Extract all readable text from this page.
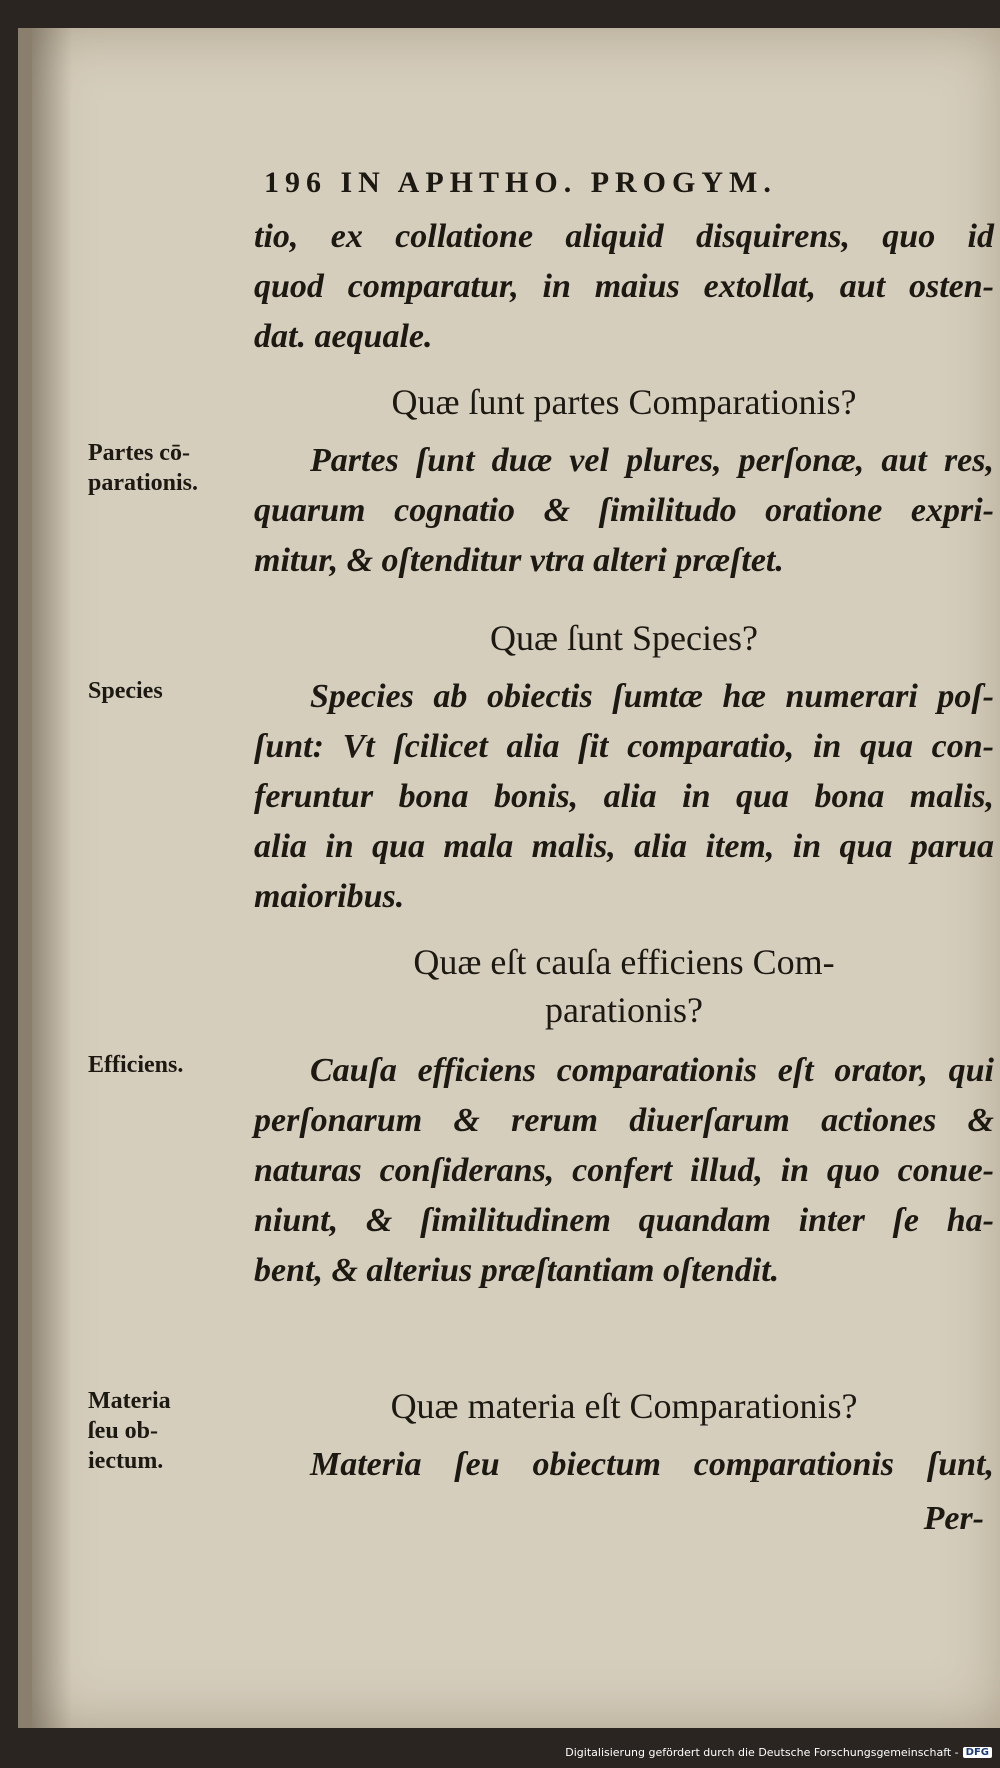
196 IN APHTHO. PROGYM.
tio, ex collatione aliquid disquirens, quo id
quod comparatur, in maius extollat, aut osten-
dat. aequale.
Quæ ſunt partes Comparationis?
Partes cō-
parationis.
Partes ſunt duæ vel plures, perſonæ, aut res,
quarum cognatio & ſimilitudo oratione expri-
mitur, & oſtenditur vtra alteri præſtet.
Quæ ſunt Species?
Species	Species ab obiectis ſumtæ hæ numerari poſ-
ſunt: Vt ſcilicet alia ſit comparatio, in qua con-
feruntur bona bonis, alia in qua bona malis,
alia in qua mala malis, alia item, in qua parua
maioribus.
Quæ eſt cauſa efficiens Com-
parationis?
Efficiens.	Cauſa efficiens comparationis eſt orator, qui
perſonarum & rerum diuerſarum actiones &
naturas conſiderans, confert illud, in quo conue-
niunt, & ſimilitudinem quandam inter ſe ha-
bent, & alterius præſtantiam oſtendit.
Quæ materia eſt Comparationis?
Materia
ſeu ob-
iectum.	Materia ſeu obiectum comparationis ſunt,
Per-
Digitalisierung gefördert durch die Deutsche Forschungsgemeinschaft - DFG
